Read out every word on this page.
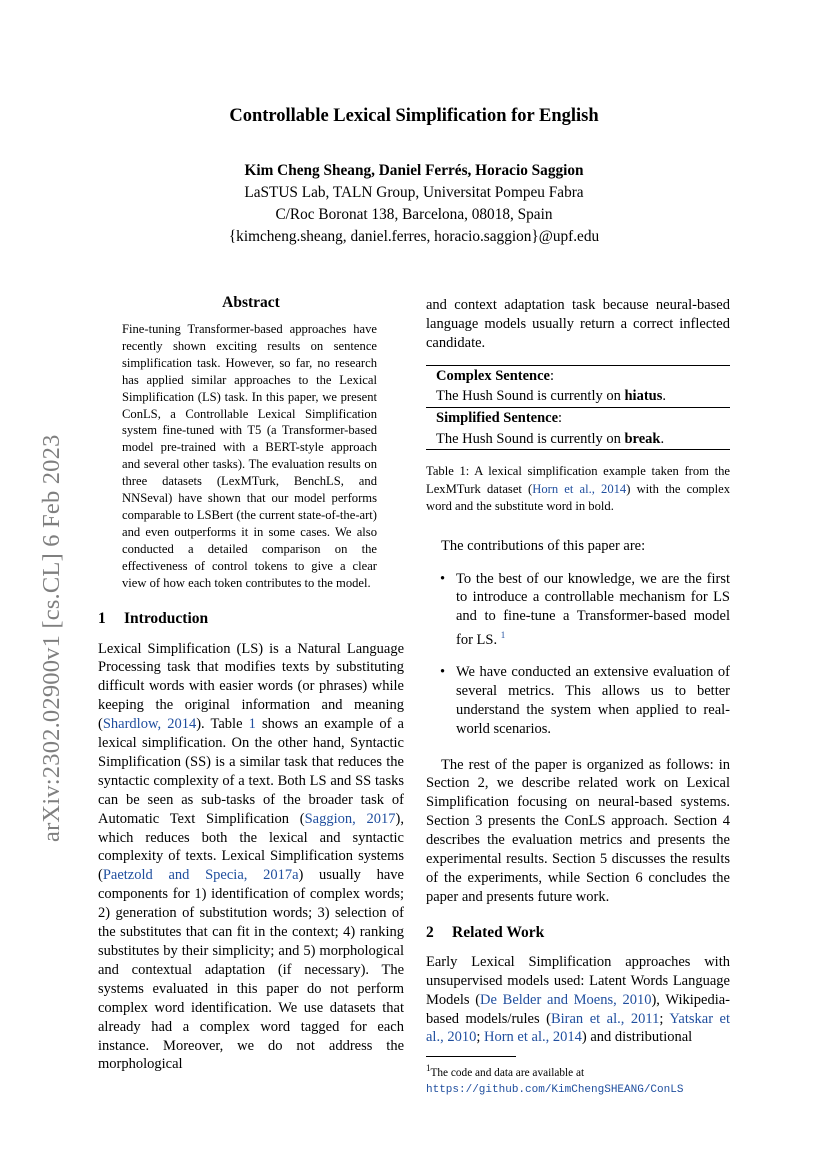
arXiv:2302.02900v1 [cs.CL] 6 Feb 2023
Controllable Lexical Simplification for English
Kim Cheng Sheang, Daniel Ferrés, Horacio Saggion
LaSTUS Lab, TALN Group, Universitat Pompeu Fabra
C/Roc Boronat 138, Barcelona, 08018, Spain
{kimcheng.sheang, daniel.ferres, horacio.saggion}@upf.edu
Abstract

Fine-tuning Transformer-based approaches have recently shown exciting results on sentence simplification task. However, so far, no research has applied similar approaches to the Lexical Simplification (LS) task. In this paper, we present ConLS, a Controllable Lexical Simplification system fine-tuned with T5 (a Transformer-based model pre-trained with a BERT-style approach and several other tasks). The evaluation results on three datasets (LexMTurk, BenchLS, and NNSeval) have shown that our model performs comparable to LSBert (the current state-of-the-art) and even outperforms it in some cases. We also conducted a detailed comparison on the effectiveness of control tokens to give a clear view of how each token contributes to the model.

1 Introduction

Lexical Simplification (LS) is a Natural Language Processing task that modifies texts by substituting difficult words with easier words (or phrases) while keeping the original information and meaning (Shardlow, 2014). Table 1 shows an example of a lexical simplification. On the other hand, Syntactic Simplification (SS) is a similar task that reduces the syntactic complexity of a text. Both LS and SS tasks can be seen as sub-tasks of the broader task of Automatic Text Simplification (Saggion, 2017), which reduces both the lexical and syntactic complexity of texts. Lexical Simplification systems (Paetzold and Specia, 2017a) usually have components for 1) identification of complex words; 2) generation of substitution words; 3) selection of the substitutes that can fit in the context; 4) ranking substitutes by their simplicity; and 5) morphological and contextual adaptation (if necessary). The systems evaluated in this paper do not perform complex word identification. We use datasets that already had a complex word tagged for each instance. Moreover, we do not address the morphological

and context adaptation task because neural-based language models usually return a correct inflected candidate.

Complex Sentence:
The Hush Sound is currently on hiatus.
Simplified Sentence:
The Hush Sound is currently on break.

Table 1: A lexical simplification example taken from the LexMTurk dataset (Horn et al., 2014) with the complex word and the substitute word in bold.

The contributions of this paper are:

• To the best of our knowledge, we are the first to introduce a controllable mechanism for LS and to fine-tune a Transformer-based model for LS. $^1$
• We have conducted an extensive evaluation of several metrics. This allows us to better understand the system when applied to real-world scenarios.

The rest of the paper is organized as follows: in Section 2, we describe related work on Lexical Simplification focusing on neural-based systems. Section 3 presents the ConLS approach. Section 4 describes the evaluation metrics and presents the experimental results. Section 5 discusses the results of the experiments, while Section 6 concludes the paper and presents future work.

2 Related Work

Early Lexical Simplification approaches with unsupervised models used: Latent Words Language Models (De Belder and Moens, 2010), Wikipedia-based models/rules (Biran et al., 2011; Yatskar et al., 2010; Horn et al., 2014) and distributional

$^1$The code and data are available at https://github.com/KimChengSHEANG/ConLS
